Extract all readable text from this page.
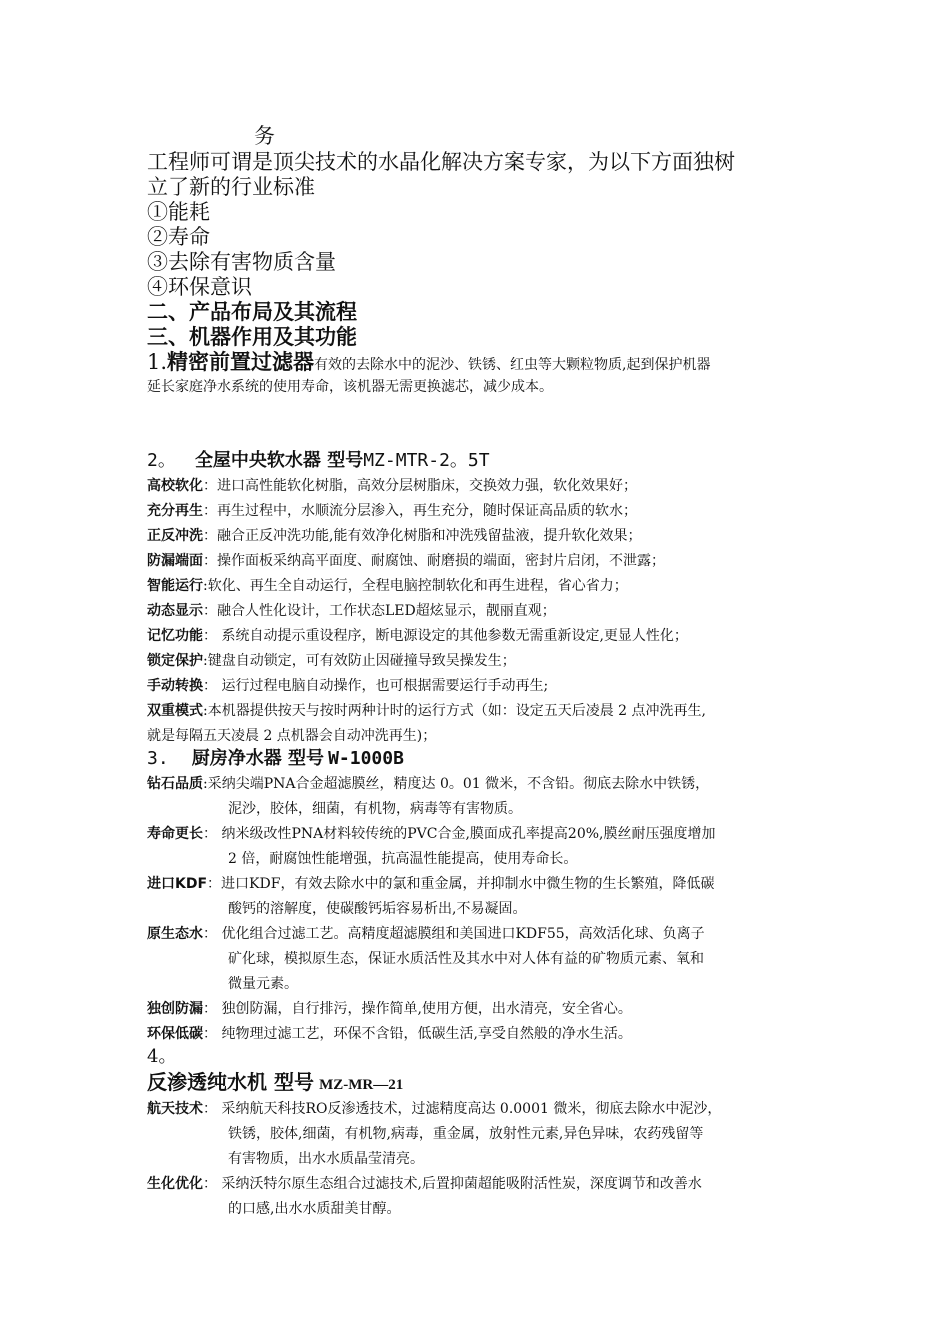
务
工程师可谓是顶尖技术的水晶化解决方案专家，为以下方面独树
立了新的行业标准
①能耗
②寿命
③去除有害物质含量
④环保意识
二、产品布局及其流程
三、机器作用及其功能
1.精密前置过滤器有效的去除水中的泥沙、铁锈、红虫等大颗粒物质,起到保护机器
延长家庭净水系统的使用寿命，该机器无需更换滤芯，减少成本。
2。 全屋中央软水器 型号MZ-MTR-2。5T
高校软化：进口高性能软化树脂，高效分层树脂床，交换效力强，软化效果好；
充分再生：再生过程中，水顺流分层渗入，再生充分，随时保证高品质的软水；
正反冲洗：融合正反冲洗功能,能有效净化树脂和冲洗残留盐液，提升软化效果；
防漏端面：操作面板采纳高平面度、耐腐蚀、耐磨损的端面，密封片启闭，不泄露；
智能运行:软化、再生全自动运行，全程电脑控制软化和再生进程，省心省力；
动态显示：融合人性化设计，工作状态LED超炫显示，靓丽直观；
记忆功能： 系统自动提示重设程序，断电源设定的其他参数无需重新设定,更显人性化；
锁定保护:键盘自动锁定，可有效防止因碰撞导致吴操发生；
手动转换： 运行过程电脑自动操作，也可根据需要运行手动再生;
双重模式:本机器提供按天与按时两种计时的运行方式（如：设定五天后凌晨 2 点冲洗再生,
就是每隔五天凌晨 2 点机器会自动冲洗再生)；
3. 厨房净水器 型号 W-1000B
钻石品质:采纳尖端PNA合金超滤膜丝，精度达 0。01 微米，不含铅。彻底去除水中铁锈，
泥沙，胶体，细菌，有机物，病毒等有害物质。
寿命更长： 纳米级改性PNA材料较传统的PVC合金,膜面成孔率提高20%,膜丝耐压强度增加
2 倍，耐腐蚀性能增强，抗高温性能提高，使用寿命长。
进口KDF：进口KDF，有效去除水中的氯和重金属，并抑制水中微生物的生长繁殖，降低碳
酸钙的溶解度，使碳酸钙垢容易析出,不易凝固。
原生态水： 优化组合过滤工艺。高精度超滤膜组和美国进口KDF55，高效活化球、负离子
矿化球，模拟原生态，保证水质活性及其水中对人体有益的矿物质元素、氧和
微量元素。
独创防漏： 独创防漏，自行排污，操作简单,使用方便，出水清亮，安全省心。
环保低碳： 纯物理过滤工艺，环保不含铅，低碳生活,享受自然般的净水生活。
4。
反渗透纯水机 型号 MZ-MR—21
航天技术： 采纳航天科技RO反渗透技术，过滤精度高达 0.0001 微米，彻底去除水中泥沙，
铁锈，胶体,细菌，有机物,病毒，重金属，放射性元素,异色异味，农药残留等
有害物质，出水水质晶莹清亮。
生化优化： 采纳沃特尔原生态组合过滤技术,后置抑菌超能吸附活性炭，深度调节和改善水
的口感,出水水质甜美甘醇。
